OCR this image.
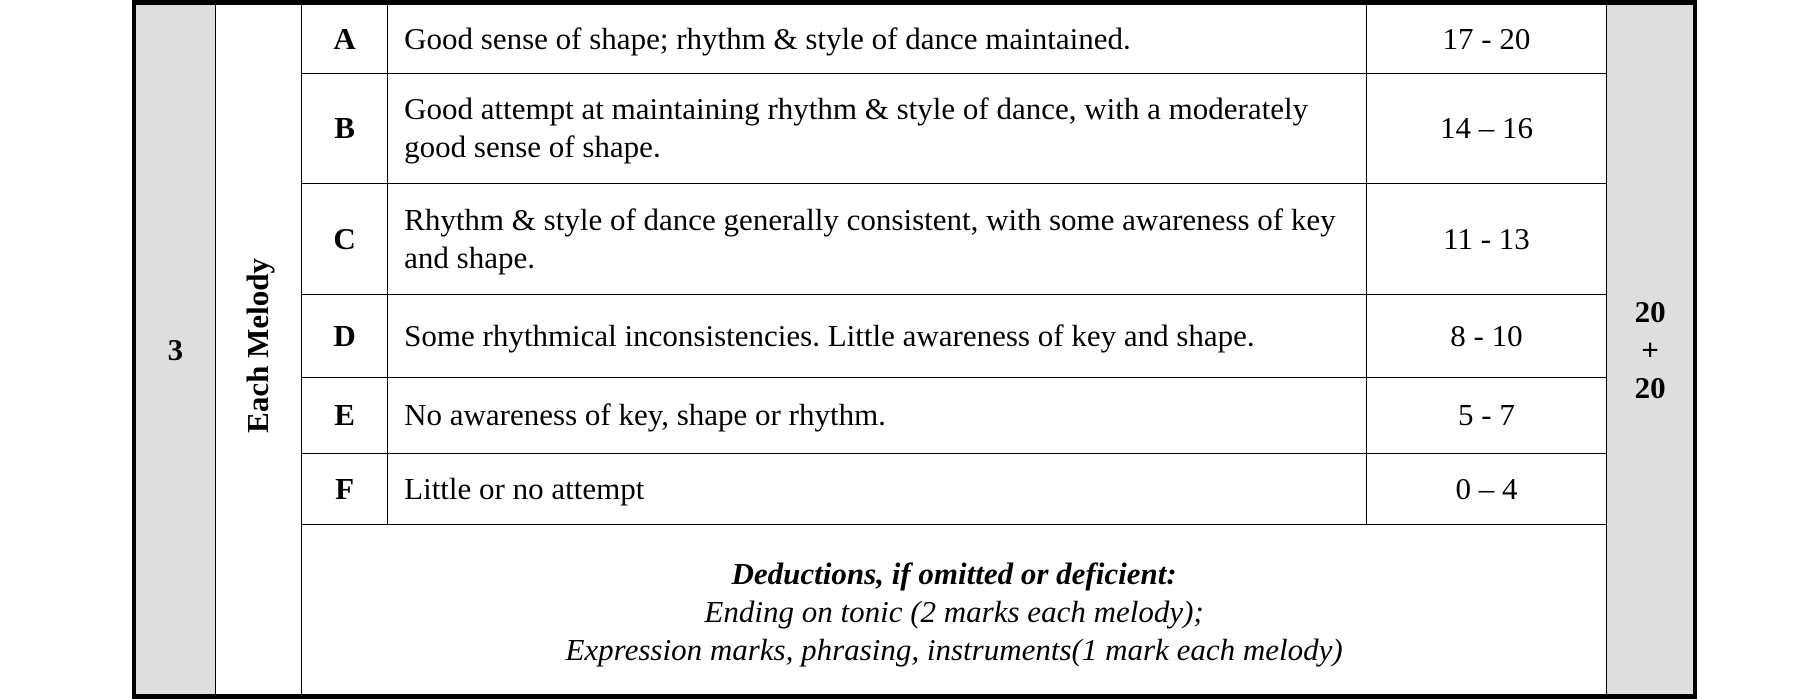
3	Each Melody	A	Good sense of shape; rhythm & style of dance maintained.	17 - 20	20
+
20

		B	Good attempt at maintaining rhythm & style of dance, with a moderately good sense of shape.	14 – 16	
		C	Rhythm & style of dance generally consistent, with some awareness of key and shape.	11 - 13	
		D	Some rhythmical inconsistencies. Little awareness of key and shape.	8 - 10	
		E	No awareness of key, shape or rhythm.	5 - 7	
		F	Little or no attempt	0 – 4	

		Deductions, if omitted or deficient:
Ending on tonic (2 marks each melody);
Expression marks, phrasing, instruments(1 mark each melody)			
